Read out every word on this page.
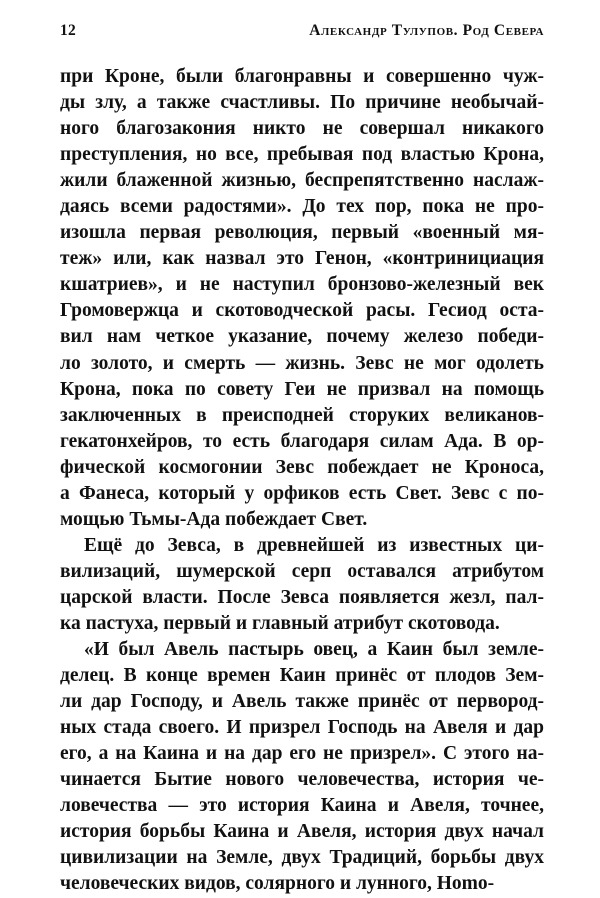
12	Александр Тулупов. Род Севера
при Кроне, были благонравны и совершенно чуж-
ды злу, а также счастливы. По причине необычай-
ного благозакония никто не совершал никакого
преступления, но все, пребывая под властью Крона,
жили блаженной жизнью, беспрепятственно наслаж-
даясь всеми радостями». До тех пор, пока не про-
изошла первая революция, первый «военный мя-
теж» или, как назвал это Генон, «контринициация
кшатриев», и не наступил бронзово-железный век
Громовержца и скотоводческой расы. Гесиод оста-
вил нам четкое указание, почему железо победи-
ло золото, и смерть — жизнь. Зевс не мог одолеть
Крона, пока по совету Геи не призвал на помощь
заключенных в преисподней сторуких великанов-
гекатонхейров, то есть благодаря силам Ада. В ор-
фической космогонии Зевс побеждает не Кроноса,
а Фанеса, который у орфиков есть Свет. Зевс с по-
мощью Тьмы-Ада побеждает Свет.
Ещё до Зевса, в древнейшей из известных ци-
вилизаций, шумерской серп оставался атрибутом
царской власти. После Зевса появляется жезл, пал-
ка пастуха, первый и главный атрибут скотовода.
«И был Авель пастырь овец, а Каин был земле-
делец. В конце времен Каин принёс от плодов Зем-
ли дар Господу, и Авель также принёс от первород-
ных стада своего. И призрел Господь на Авеля и дар
его, а на Каина и на дар его не призрел». С этого на-
чинается Бытие нового человечества, история че-
ловечества — это история Каина и Авеля, точнее,
история борьбы Каина и Авеля, история двух начал
цивилизации на Земле, двух Традиций, борьбы двух
человеческих видов, солярного и лунного, Homo-
